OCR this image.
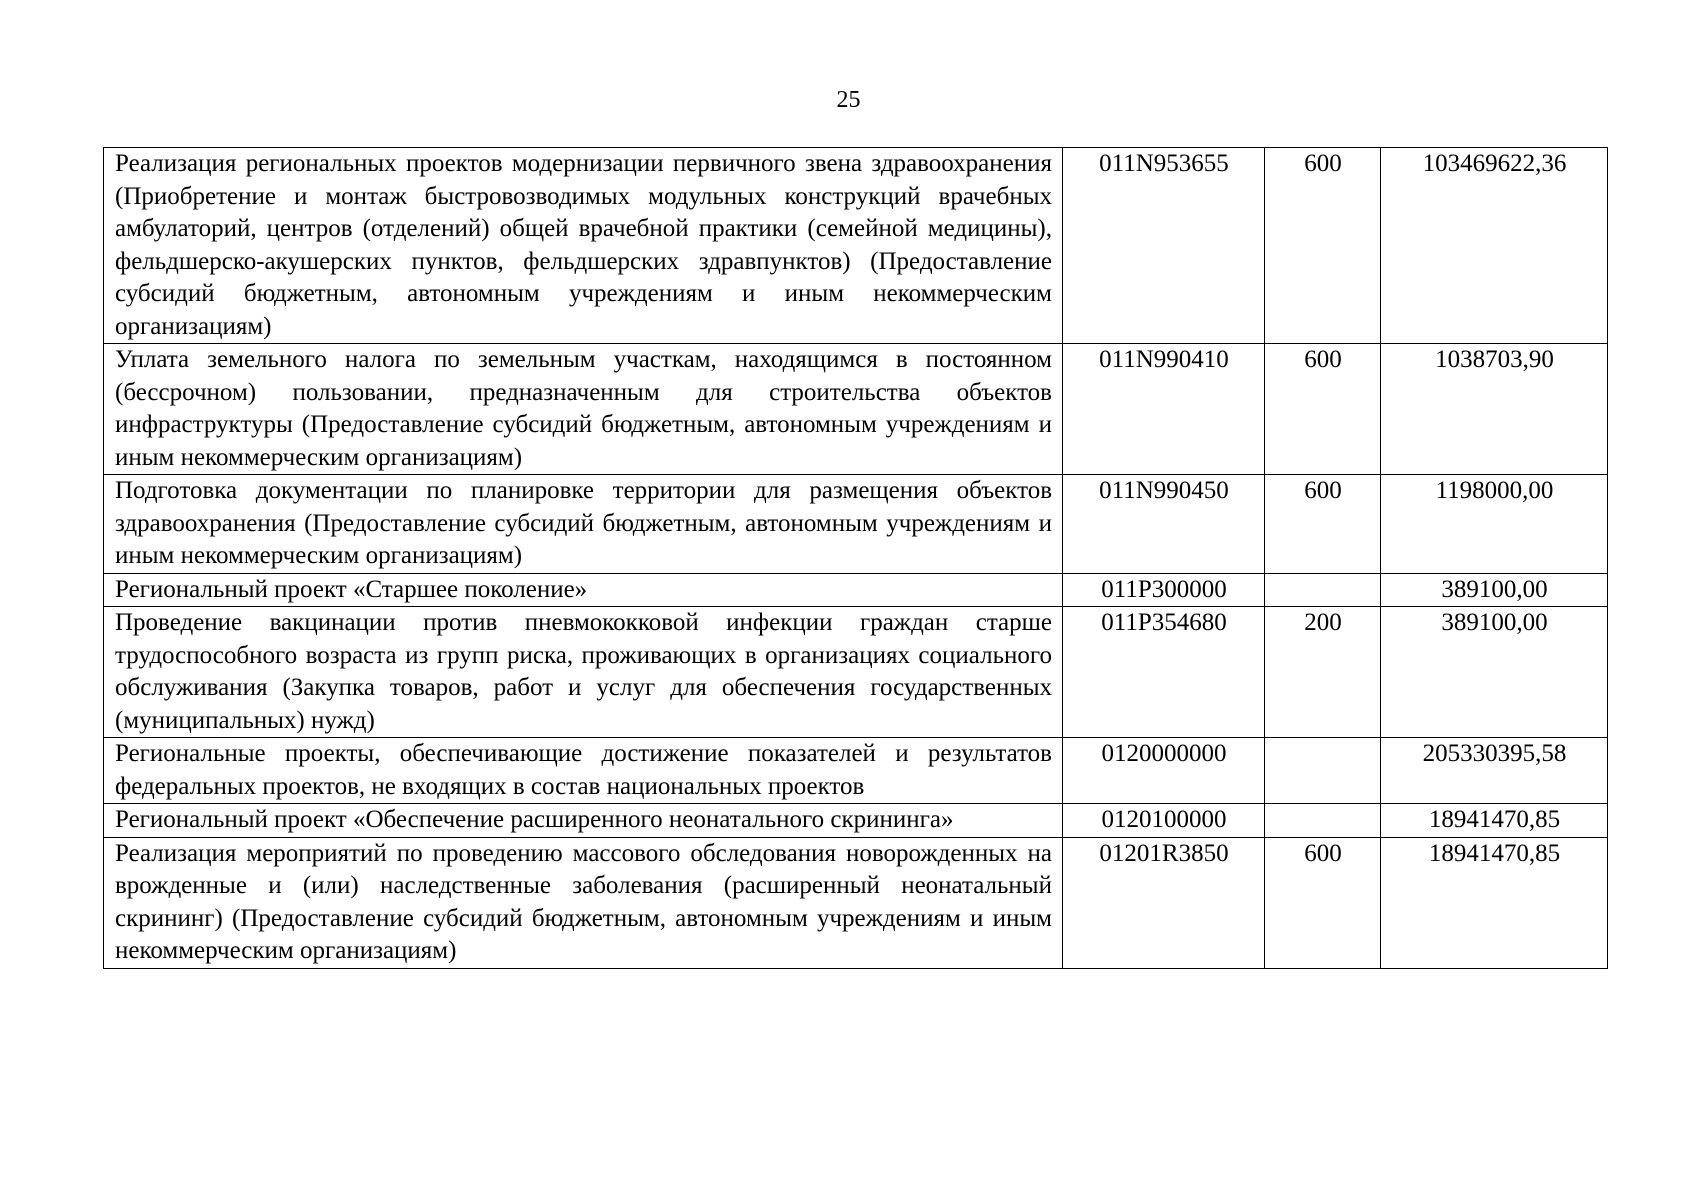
25
Реализация региональных проектов модернизации первичного звена здравоохранения (Приобретение и монтаж быстровозводимых модульных конструкций врачебных амбулаторий, центров (отделений) общей врачебной практики (семейной медицины), фельдшерско-акушерских пунктов, фельдшерских здравпунктов) (Предоставление субсидий бюджетным, автономным учреждениям и иным некоммерческим организациям)	011N953655	600	103469622,36
Уплата земельного налога по земельным участкам, находящимся в постоянном (бессрочном) пользовании, предназначенным для строительства объектов инфраструктуры (Предоставление субсидий бюджетным, автономным учреждениям и иным некоммерческим организациям)	011N990410	600	1038703,90
Подготовка документации по планировке территории для размещения объектов здравоохранения (Предоставление субсидий бюджетным, автономным учреждениям и иным некоммерческим организациям)	011N990450	600	1198000,00
Региональный проект «Старшее поколение»	011P300000		389100,00
Проведение вакцинации против пневмококковой инфекции граждан старше трудоспособного возраста из групп риска, проживающих в организациях социального обслуживания (Закупка товаров, работ и услуг для обеспечения государственных (муниципальных) нужд)	011P354680	200	389100,00
Региональные проекты, обеспечивающие достижение показателей и результатов федеральных проектов, не входящих в состав национальных проектов	0120000000		205330395,58
Региональный проект «Обеспечение расширенного неонатального скрининга»	0120100000		18941470,85
Реализация мероприятий по проведению массового обследования новорожденных на врожденные и (или) наследственные заболевания (расширенный неонатальный скрининг) (Предоставление субсидий бюджетным, автономным учреждениям и иным некоммерческим организациям)	01201R3850	600	18941470,85
